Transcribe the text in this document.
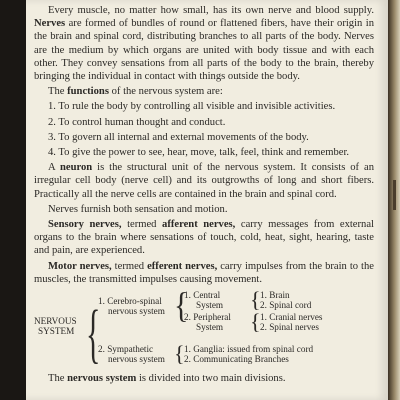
Every muscle, no matter how small, has its own nerve and blood supply. Nerves are formed of bundles of round or flattened fibers, have their origin in the brain and spinal cord, distributing branches to all parts of the body. Nerves are the medium by which organs are united with body tissue and with each other. They convey sensations from all parts of the body to the brain, thereby bringing the individual in contact with things outside the body.

The functions of the nervous system are:

1. To rule the body by controlling all visible and invisible activities.

2. To control human thought and conduct.

3. To govern all internal and external movements of the body.

4. To give the power to see, hear, move, talk, feel, think and remember.

A neuron is the structural unit of the nervous system. It consists of an irregular cell body (nerve cell) and its outgrowths of long and short fibers. Practically all the nerve cells are contained in the brain and spinal cord.

Nerves furnish both sensation and motion.

Sensory nerves, termed afferent nerves, carry messages from external organs to the brain where sensations of touch, cold, heat, sight, hearing, taste and pain, are experienced.

Motor nerves, termed efferent nerves, carry impulses from the brain to the muscles, the transmitted impulses causing movement.

NERVOUS
SYSTEM {
1. Cerebro-spinal
nervous system
2. Sympathetic
nervous system
{
1. Central
System
2. Peripheral
System
{ 1. Brain
2. Spinal cord
{ 1. Cranial nerves
2. Spinal nerves
{ 1. Ganglia: issued from spinal cord
2. Communicating Branches

The nervous system is divided into two main divisions.
